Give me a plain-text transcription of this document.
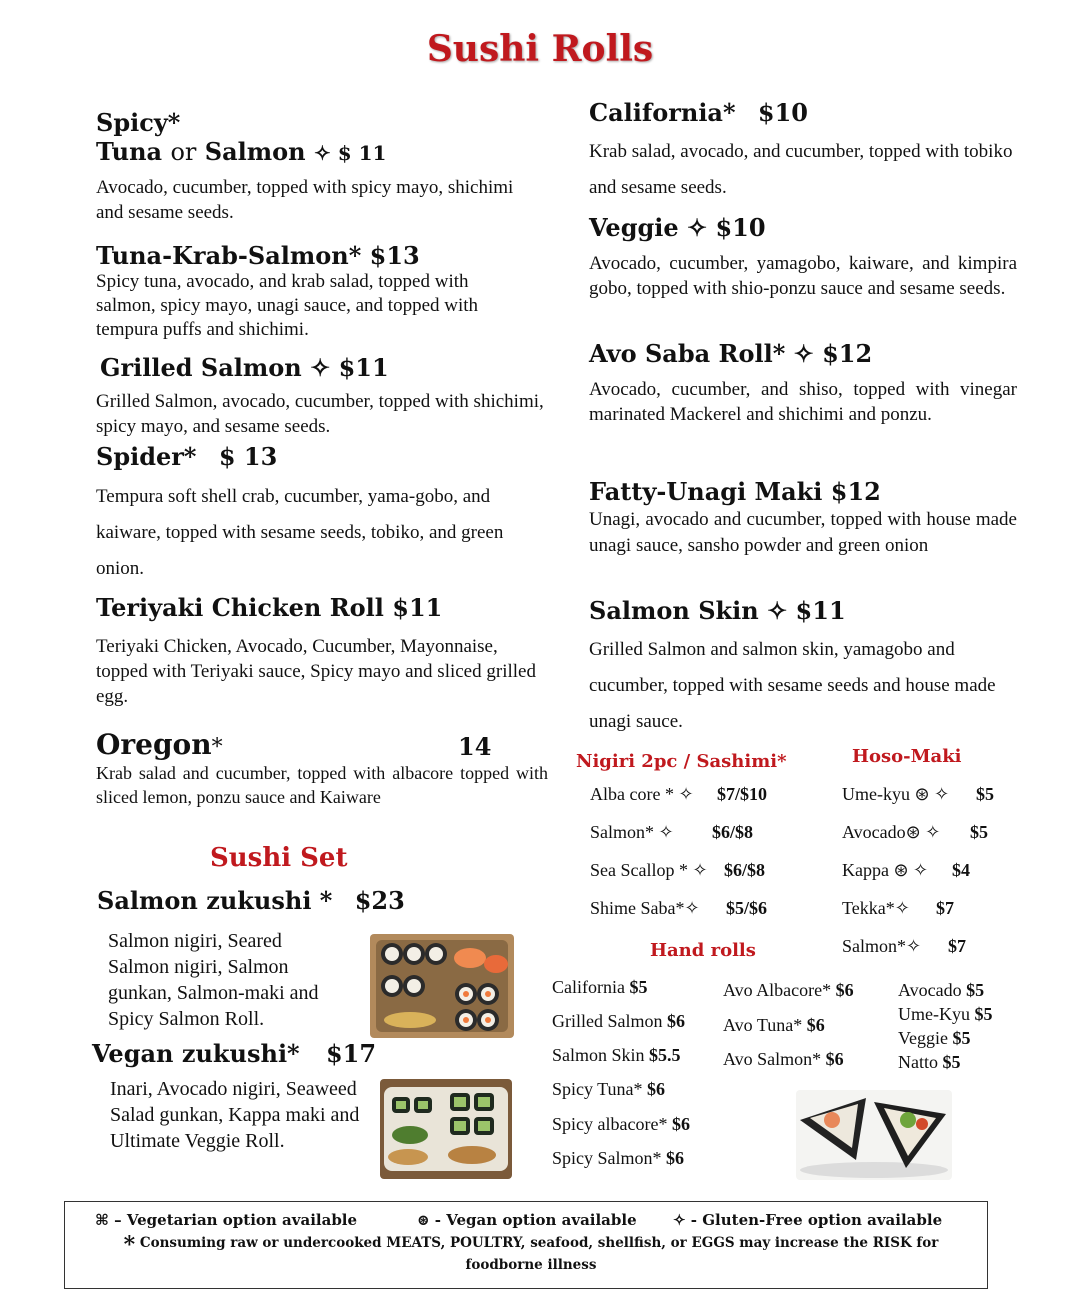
Sushi Rolls
Spicy*
Tuna or Salmon ✧ $ 11
Avocado, cucumber, topped with spicy mayo, shichimi and sesame seeds.
Tuna-Krab-Salmon* $13
Spicy tuna, avocado, and krab salad, topped with salmon, spicy mayo, unagi sauce, and topped with tempura puffs and shichimi.
Grilled Salmon ✧ $11
Grilled Salmon, avocado, cucumber, topped with shichimi, spicy mayo, and sesame seeds.
Spider* $ 13
Tempura soft shell crab, cucumber, yama-gobo, and kaiware, topped with sesame seeds, tobiko, and green onion.
Teriyaki Chicken Roll $11
Teriyaki Chicken, Avocado, Cucumber, Mayonnaise, topped with Teriyaki sauce, Spicy mayo and sliced grilled egg.
Oregon*	14
Krab salad and cucumber, topped with albacore topped with sliced lemon, ponzu sauce and Kaiware
Sushi Set
Salmon zukushi * $23
Salmon nigiri, Seared Salmon nigiri, Salmon gunkan, Salmon-maki and Spicy Salmon Roll.
Vegan zukushi* $17
Inari, Avocado nigiri, Seaweed Salad gunkan, Kappa maki and Ultimate Veggie Roll.
California* $10
Krab salad, avocado, and cucumber, topped with tobiko and sesame seeds.
Veggie ✧ $10
Avocado, cucumber, yamagobo, kaiware, and kimpira gobo, topped with shio-ponzu sauce and sesame seeds.
Avo Saba Roll* ✧ $12
Avocado, cucumber, and shiso, topped with vinegar marinated Mackerel and shichimi and ponzu.
Fatty-Unagi Maki $12
Unagi, avocado and cucumber, topped with house made unagi sauce, sansho powder and green onion
Salmon Skin ✧ $11
Grilled Salmon and salmon skin, yamagobo and cucumber, topped with sesame seeds and house made unagi sauce.
Nigiri 2pc / Sashimi*
Alba core * ✧ $7/$10
Salmon* ✧ $6/$8
Sea Scallop * ✧ $6/$8
Shime Saba*✧ $5/$6
Hoso-Maki
Ume-kyu ⊛ ✧ $5
Avocado⊛ ✧ $5
Kappa ⊛ ✧ $4
Tekka*✧ $7
Salmon*✧ $7
Hand rolls
California $5
Grilled Salmon $6
Salmon Skin $5.5
Spicy Tuna* $6
Spicy albacore* $6
Spicy Salmon* $6
Avo Albacore* $6
Avo Tuna* $6
Avo Salmon* $6
Avocado $5
Ume-Kyu $5
Veggie $5
Natto $5
⌘ – Vegetarian option available	⊛ - Vegan option available ✧ - Gluten-Free option available
* Consuming raw or undercooked MEATS, POULTRY, seafood, shellfish, or EGGS may increase the RISK for foodborne illness
